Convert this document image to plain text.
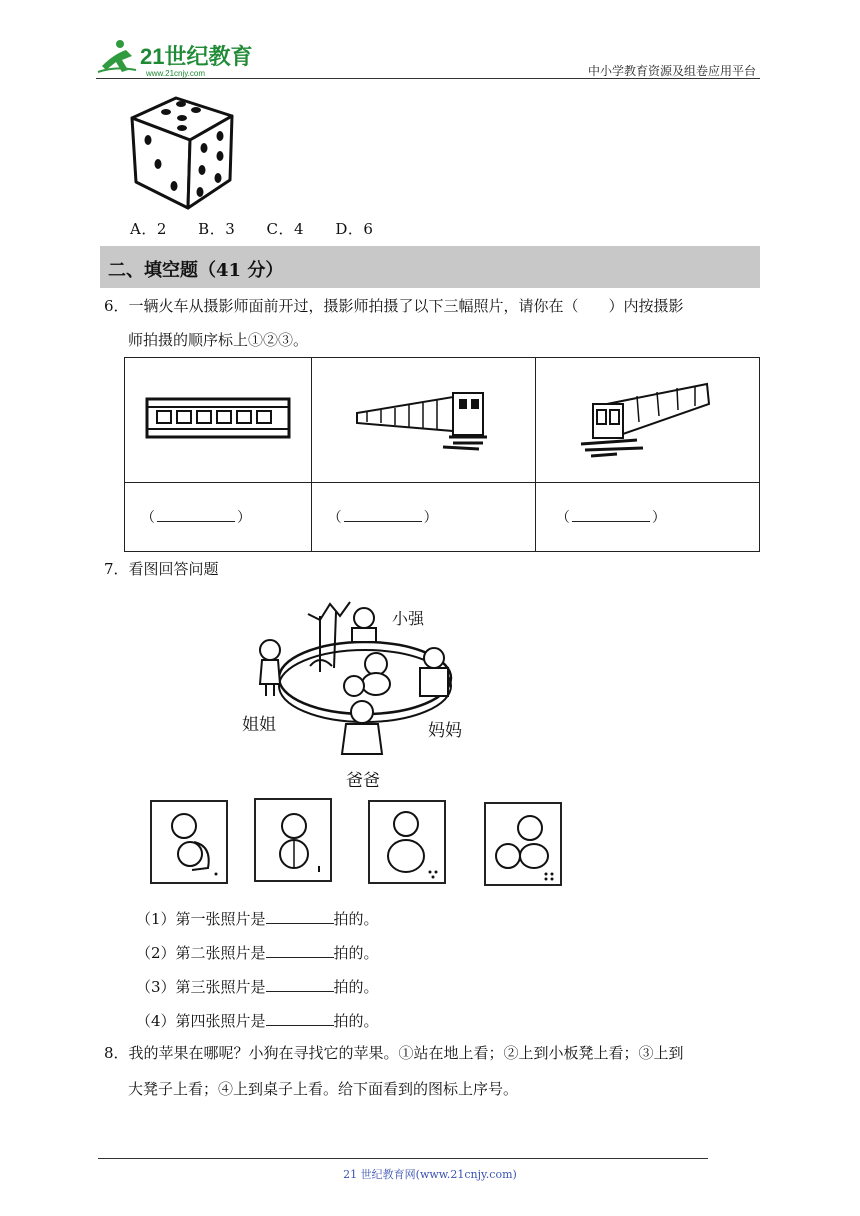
21世纪教育
www.21cnjy.com	中小学教育资源及组卷应用平台
A．2 B．3 C．4 D．6
二、填空题（41 分）
6．一辆火车从摄影师面前开过，摄影师拍摄了以下三幅照片，请你在（　　）内按摄影
师拍摄的顺序标上①②③。

（ ）	（ ）	（ ）
7．看图回答问题
小强
姐姐	妈妈
爸爸
（1）第一张照片是	拍的。
（2）第二张照片是	拍的。
（3）第三张照片是	拍的。
（4）第四张照片是	拍的。
8．我的苹果在哪呢？小狗在寻找它的苹果。①站在地上看；②上到小板凳上看；③上到
大凳子上看；④上到桌子上看。给下面看到的图标上序号。
21 世纪教育网(www.21cnjy.com)
